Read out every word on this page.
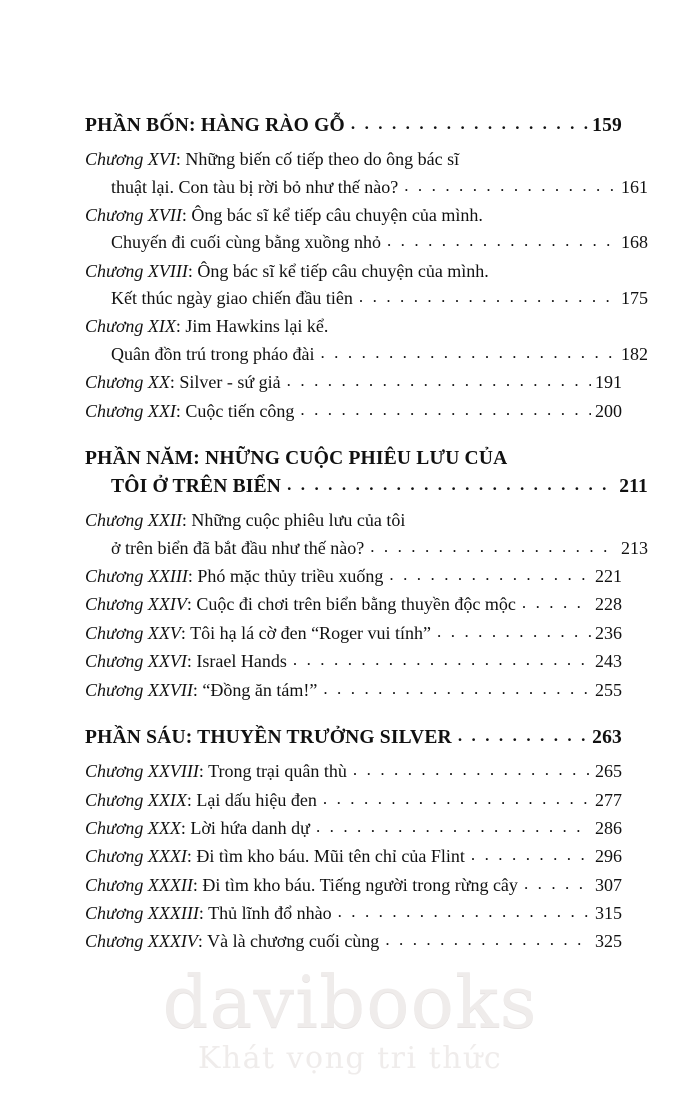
PHẦN BỐN: HÀNG RÀO GỖ . . .	159
Chương XVI : Những biến cố tiếp theo do ông bác sĩ
thuật lại. Con tàu bị rời bỏ như thế nào? . . .	161
Chương XVII : Ông bác sĩ kể tiếp câu chuyện của mình.
Chuyến đi cuối cùng bằng xuồng nhỏ . . .	168
Chương XVIII : Ông bác sĩ kể tiếp câu chuyện của mình.
Kết thúc ngày giao chiến đầu tiên . . .	175
Chương XIX : Jim Hawkins lại kể.
Quân đồn trú trong pháo đài . . .	182
Chương XX : Silver - sứ giả . . .	191
Chương XXI : Cuộc tiến công . . .	200
PHẦN NĂM: NHỮNG CUỘC PHIÊU LƯU CỦA
TÔI Ở TRÊN BIỂN . . .	211
Chương XXII : Những cuộc phiêu lưu của tôi
ở trên biển đã bắt đầu như thế nào? . . .	213
Chương XXIII : Phó mặc thủy triều xuống . . .	221
Chương XXIV : Cuộc đi chơi trên biển bằng thuyền độc mộc . . .	228
Chương XXV : Tôi hạ lá cờ đen “Roger vui tính” . . .	236
Chương XXVI : Israel Hands . . .	243
Chương XXVII : “Đồng ăn tám!” . . .	255
PHẦN SÁU: THUYỀN TRƯỞNG SILVER . . .	263
Chương XXVIII : Trong trại quân thù . . .	265
Chương XXIX : Lại dấu hiệu đen . . .	277
Chương XXX : Lời hứa danh dự . . .	286
Chương XXXI : Đi tìm kho báu. Mũi tên chỉ của Flint . . .	296
Chương XXXII : Đi tìm kho báu. Tiếng người trong rừng cây . . .	307
Chương XXXIII : Thủ lĩnh đổ nhào . . .	315
Chương XXXIV : Và là chương cuối cùng . . .	325
davibooks
Khát vọng tri thức
